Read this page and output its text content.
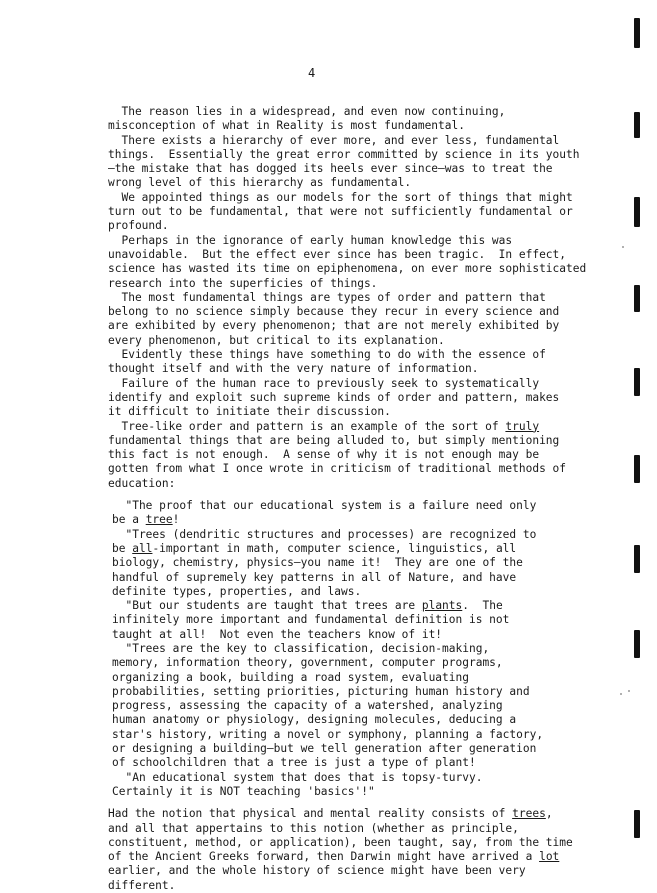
4
The reason lies in a widespread, and even now continuing,
misconception of what in Reality is most fundamental.
There exists a hierarchy of ever more, and ever less, fundamental
things.  Essentially the great error committed by science in its youth
—the mistake that has dogged its heels ever since—was to treat the
wrong level of this hierarchy as fundamental.
We appointed things as our models for the sort of things that might
turn out to be fundamental, that were not sufficiently fundamental or
profound.
Perhaps in the ignorance of early human knowledge this was
unavoidable.  But the effect ever since has been tragic.  In effect,
science has wasted its time on epiphenomena, on ever more sophisticated
research into the superficies of things.
The most fundamental things are types of order and pattern that
belong to no science simply because they recur in every science and
are exhibited by every phenomenon; that are not merely exhibited by
every phenomenon, but critical to its explanation.
Evidently these things have something to do with the essence of
thought itself and with the very nature of information.
Failure of the human race to previously seek to systematically
identify and exploit such supreme kinds of order and pattern, makes
it difficult to initiate their discussion.
Tree-like order and pattern is an example of the sort of truly
fundamental things that are being alluded to, but simply mentioning
this fact is not enough.  A sense of why it is not enough may be
gotten from what I once wrote in criticism of traditional methods of
education:
"The proof that our educational system is a failure need only
be a tree!
"Trees (dendritic structures and processes) are recognized to
be all-important in math, computer science, linguistics, all
biology, chemistry, physics—you name it!  They are one of the
handful of supremely key patterns in all of Nature, and have
definite types, properties, and laws.
"But our students are taught that trees are plants.  The
infinitely more important and fundamental definition is not
taught at all!  Not even the teachers know of it!
"Trees are the key to classification, decision-making,
memory, information theory, government, computer programs,
organizing a book, building a road system, evaluating
probabilities, setting priorities, picturing human history and
progress, assessing the capacity of a watershed, analyzing
human anatomy or physiology, designing molecules, deducing a
star's history, writing a novel or symphony, planning a factory,
or designing a building—but we tell generation after generation
of schoolchildren that a tree is just a type of plant!
"An educational system that does that is topsy-turvy.
Certainly it is NOT teaching 'basics'!"
Had the notion that physical and mental reality consists of trees,
and all that appertains to this notion (whether as principle,
constituent, method, or application), been taught, say, from the time
of the Ancient Greeks forward, then Darwin might have arrived a lot
earlier, and the whole history of science might have been very
different.
